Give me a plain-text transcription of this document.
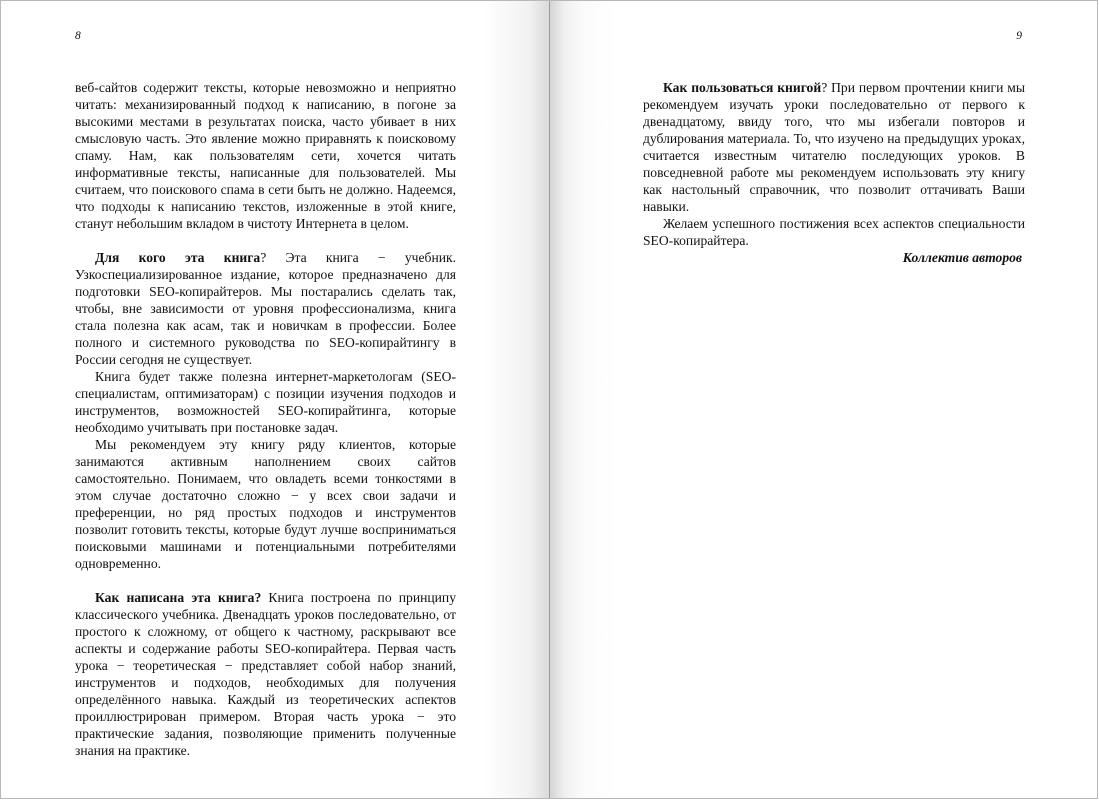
8

веб-сайтов содержит тексты, которые невозможно и неприятно читать: механизированный подход к написанию, в погоне за высокими местами в результатах поиска, часто убивает в них смысловую часть. Это явление можно приравнять к поисковому спаму. Нам, как пользователям сети, хочется читать информативные тексты, написанные для пользователей. Мы считаем, что поискового спама в сети быть не должно. Надеемся, что подходы к написанию текстов, изложенные в этой книге, станут небольшим вкладом в чистоту Интернета в целом.

Для кого эта книга? Эта книга − учебник. Узкоспециализированное издание, которое предназначено для подготовки SEO-копирайтеров. Мы постарались сделать так, чтобы, вне зависимости от уровня профессионализма, книга стала полезна как асам, так и новичкам в профессии. Более полного и системного руководства по SEO-копирайтингу в России сегодня не существует.

Книга будет также полезна интернет-маркетологам (SEO-специалистам, оптимизаторам) с позиции изучения подходов и инструментов, возможностей SEO-копирайтинга, которые необходимо учитывать при постановке задач.

Мы рекомендуем эту книгу ряду клиентов, которые занимаются активным наполнением своих сайтов самостоятельно. Понимаем, что овладеть всеми тонкостями в этом случае достаточно сложно − у всех свои задачи и преференции, но ряд простых подходов и инструментов позволит готовить тексты, которые будут лучше восприниматься поисковыми машинами и потенциальными потребителями одновременно.

Как написана эта книга? Книга построена по принципу классического учебника. Двенадцать уроков последовательно, от простого к сложному, от общего к частному, раскрывают все аспекты и содержание работы SEO-копирайтера. Первая часть урока − теоретическая − представляет собой набор знаний, инструментов и подходов, необходимых для получения определённого навыка. Каждый из теоретических аспектов проиллюстрирован примером. Вторая часть урока − это практические задания, позволяющие применить полученные знания на практике.

9

Как пользоваться книгой? При первом прочтении книги мы рекомендуем изучать уроки последовательно от первого к двенадцатому, ввиду того, что мы избегали повторов и дублирования материала. То, что изучено на предыдущих уроках, считается известным читателю последующих уроков. В повседневной работе мы рекомендуем использовать эту книгу как настольный справочник, что позволит оттачивать Ваши навыки.

Желаем успешного постижения всех аспектов специальности SEO-копирайтера.

Коллектив авторов
